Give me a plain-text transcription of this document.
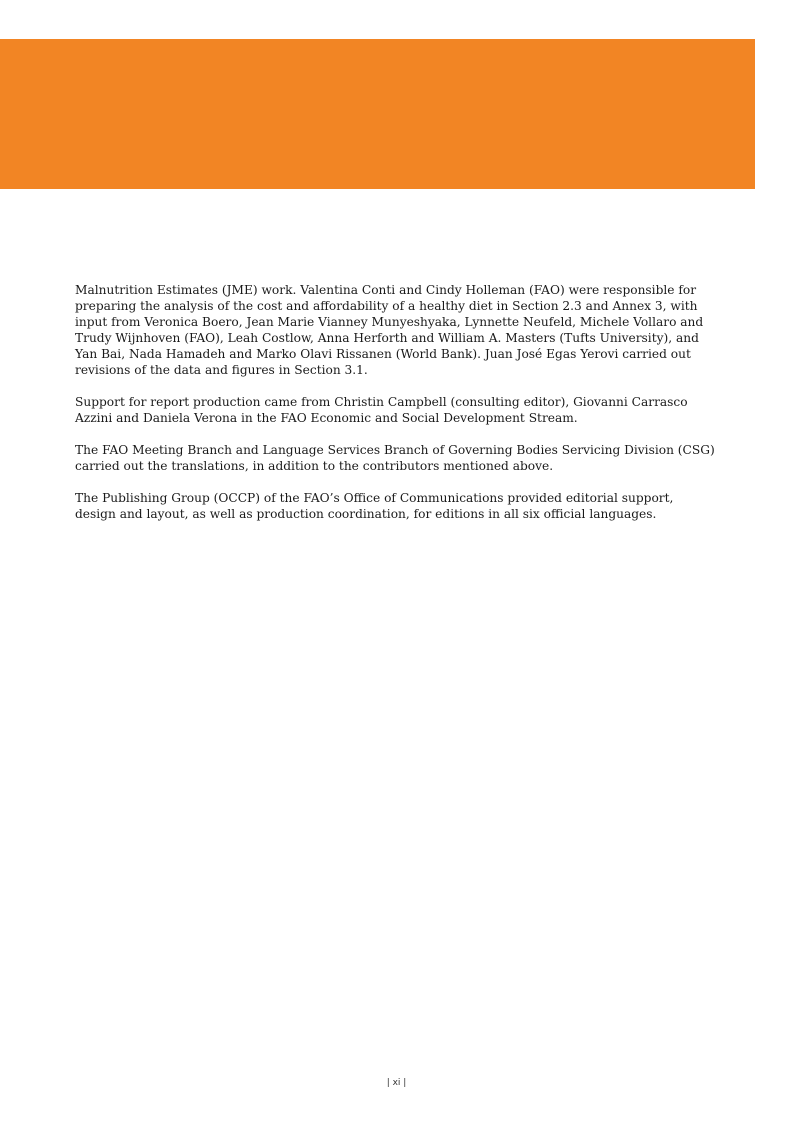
Malnutrition Estimates (JME) work. Valentina Conti and Cindy Holleman (FAO) were responsible for preparing the analysis of the cost and affordability of a healthy diet in Section 2.3 and Annex 3, with input from Veronica Boero, Jean Marie Vianney Munyeshyaka, Lynnette Neufeld, Michele Vollaro and Trudy Wijnhoven (FAO), Leah Costlow, Anna Herforth and William A. Masters (Tufts University), and Yan Bai, Nada Hamadeh and Marko Olavi Rissanen (World Bank). Juan José Egas Yerovi carried out revisions of the data and figures in Section 3.1.

Support for report production came from Christin Campbell (consulting editor), Giovanni Carrasco Azzini and Daniela Verona in the FAO Economic and Social Development Stream.

The FAO Meeting Branch and Language Services Branch of Governing Bodies Servicing Division (CSG) carried out the translations, in addition to the contributors mentioned above.

The Publishing Group (OCCP) of the FAO’s Office of Communications provided editorial support, design and layout, as well as production coordination, for editions in all six official languages.

| xi |
